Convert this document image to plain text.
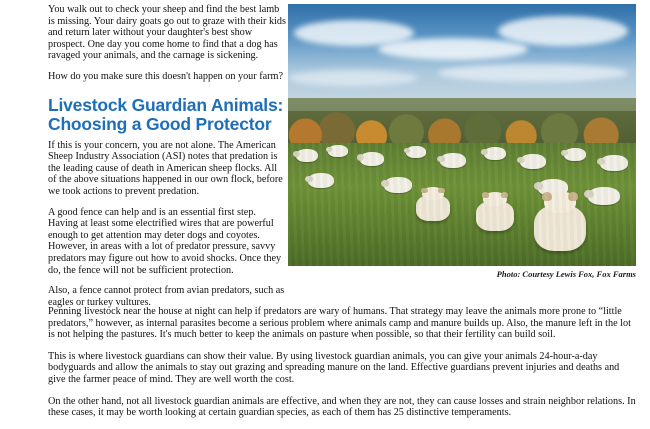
Photo: Courtesy Lewis Fox, Fox Farms

You walk out to check your sheep and find the best lamb is missing. Your dairy goats go out to graze with their kids and return later without your daughter's best show prospect. One day you come home to find that a dog has ravaged your animals, and the carnage is sickening.

How do you make sure this doesn't happen on your farm?

Livestock Guardian Animals:
Choosing a Good Protector

If this is your concern, you are not alone. The American Sheep Industry Association (ASI) notes that predation is the leading cause of death in American sheep flocks. All of the above situations happened in our own flock, before we took actions to prevent predation.

A good fence can help and is an essential first step. Having at least some electrified wires that are powerful enough to get attention may deter dogs and coyotes. However, in areas with a lot of predator pressure, savvy predators may figure out how to avoid shocks. Once they do, the fence will not be sufficient protection.

Also, a fence cannot protect from avian predators, such as eagles or turkey vultures.

Penning livestock near the house at night can help if predators are wary of humans. That strategy may leave the animals more prone to “little predators,” however, as internal parasites become a serious problem where animals camp and manure builds up. Also, the manure left in the lot is not helping the pastures. It's much better to keep the animals on pasture when possible, so that their fertility can build soil.

This is where livestock guardians can show their value. By using livestock guardian animals, you can give your animals 24-hour-a-day bodyguards and allow the animals to stay out grazing and spreading manure on the land. Effective guardians prevent injuries and deaths and give the farmer peace of mind. They are well worth the cost.

On the other hand, not all livestock guardian animals are effective, and when they are not, they can cause losses and strain neighbor relations. In these cases, it may be worth looking at certain guardian species, as each of them has 25 distinctive temperaments.
